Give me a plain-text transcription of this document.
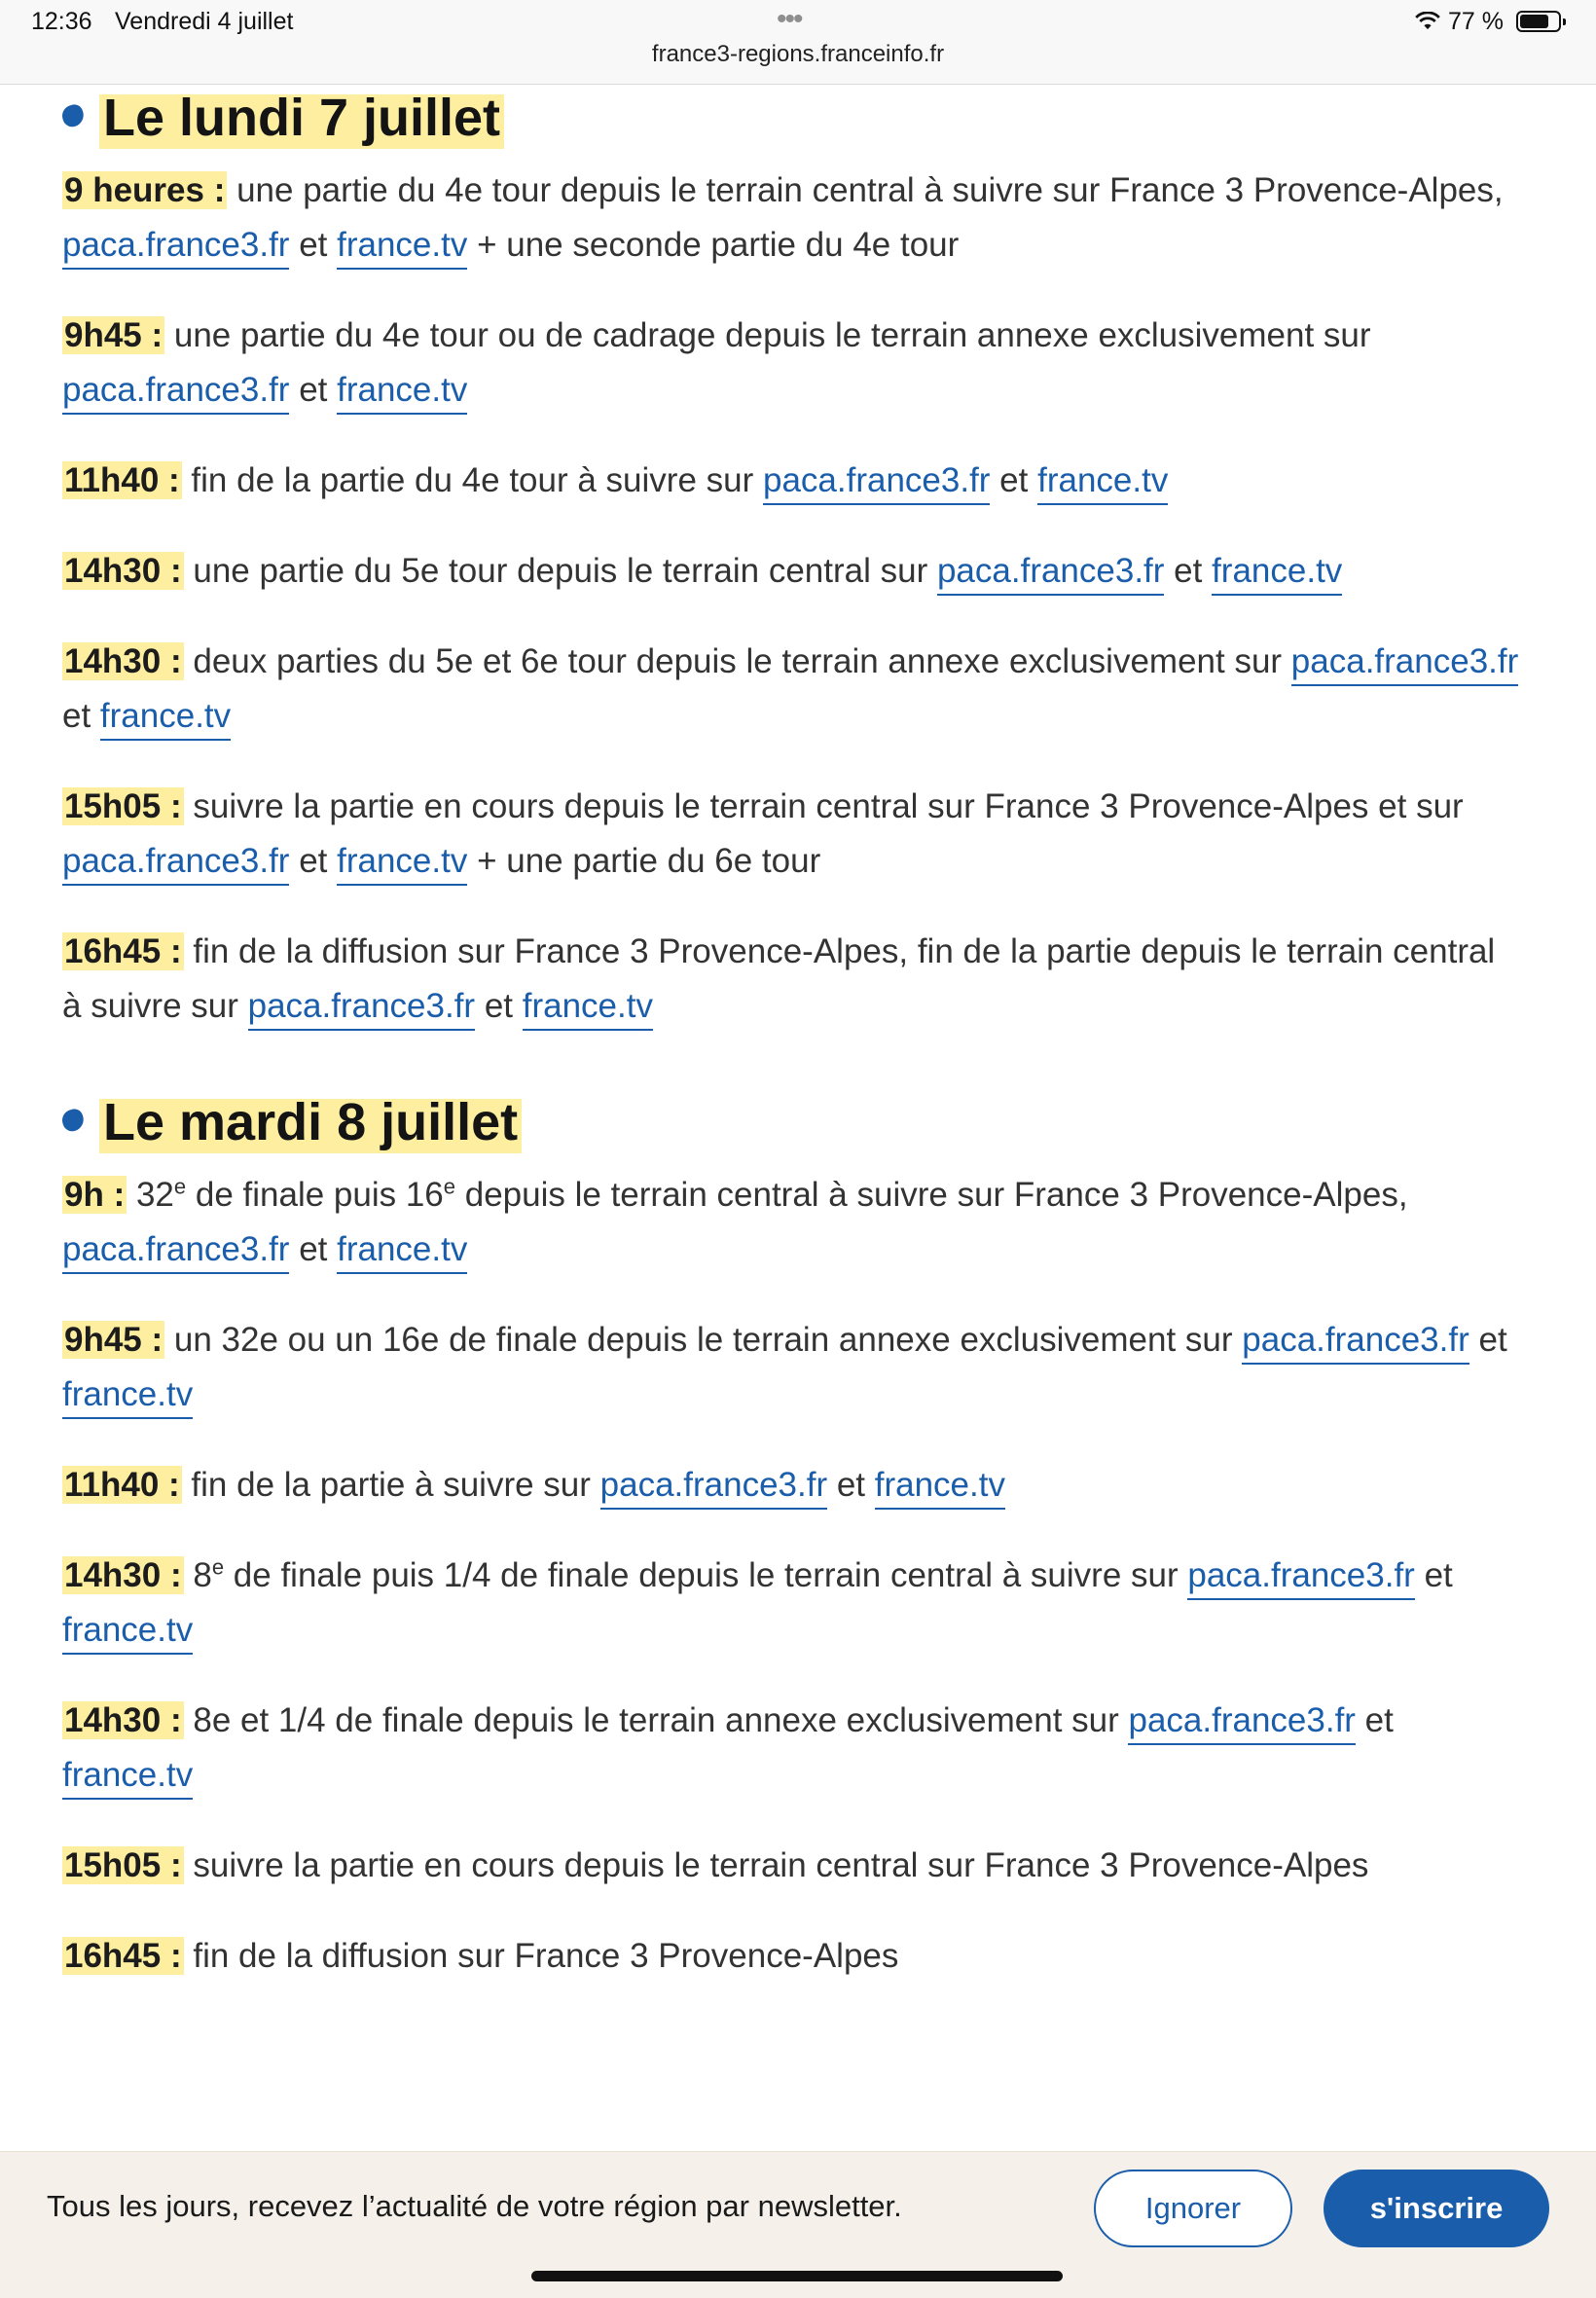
12:36 Vendredi 4 juillet	•••
france3-regions.franceinfo.fr
77 %
Le lundi 7 juillet

9 heures : une partie du 4e tour depuis le terrain central à suivre sur France 3 Provence-Alpes, paca.france3.fr et france.tv + une seconde partie du 4e tour

9h45 : une partie du 4e tour ou de cadrage depuis le terrain annexe exclusivement sur paca.france3.fr et france.tv

11h40 : fin de la partie du 4e tour à suivre sur paca.france3.fr et france.tv

14h30 : une partie du 5e tour depuis le terrain central sur paca.france3.fr et france.tv

14h30 : deux parties du 5e et 6e tour depuis le terrain annexe exclusivement sur paca.france3.fr et france.tv

15h05 : suivre la partie en cours depuis le terrain central sur France 3 Provence-Alpes et sur paca.france3.fr et france.tv + une partie du 6e tour

16h45 : fin de la diffusion sur France 3 Provence-Alpes, fin de la partie depuis le terrain central à suivre sur paca.france3.fr et france.tv

Le mardi 8 juillet

9h : 32e de finale puis 16e depuis le terrain central à suivre sur France 3 Provence-Alpes, paca.france3.fr et france.tv

9h45 : un 32e ou un 16e de finale depuis le terrain annexe exclusivement sur paca.france3.fr et france.tv

11h40 : fin de la partie à suivre sur paca.france3.fr et france.tv

14h30 : 8e de finale puis 1/4 de finale depuis le terrain central à suivre sur paca.france3.fr et france.tv

14h30 : 8e et 1/4 de finale depuis le terrain annexe exclusivement sur paca.france3.fr et france.tv

15h05 : suivre la partie en cours depuis le terrain central sur France 3 Provence-Alpes

16h45 : fin de la diffusion sur France 3 Provence-Alpes

Tous les jours, recevez l’actualité de votre région par newsletter.	Ignorer	s'inscrire
